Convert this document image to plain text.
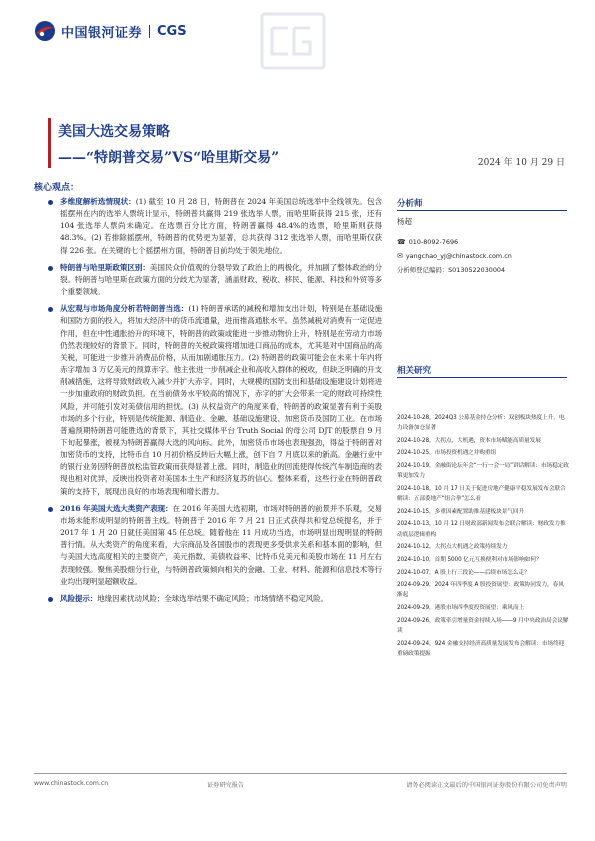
中国银河证券 CGS
美国大选交易策略
——“特朗普交易”VS“哈里斯交易”	2024 年 10 月 29 日
核心观点：
多维度解析选情现状：(1) 截至 10 月 28 日，特朗普在 2024 年美国总统选举中全线领先。包含摇摆州在内的选举人票统计显示，特朗普共赢得 219 张选举人票，而哈里斯获得 215 张，还有 104 张选举人票尚未确定。在选票百分比方面，特朗普赢得 48.4%的选票，哈里斯则获得 48.3%。(2) 若排除摇摆州，特朗普的优势更为显著，总共获得 312 张选举人票，而哈里斯仅获得 226 张。在关键的七个摇摆州方面，特朗普目前均处于领先地位。
特朗普与哈里斯政策区别：美国民众价值观的分裂导致了政治上的两极化，并加剧了整体政治的分裂。特朗普与哈里斯在政策方面的分歧尤为显著，涵盖财政、税收、移民、能源、科技和外贸等多个重要领域。
从宏观与市场角度分析若特朗普当选：(1) 特朗普承诺的减税和增加支出计划，特别是在基础设施和国防方面的投入，将加大经济中的货币流通量，进而推高通胀水平。虽然减税对消费有一定促进作用，但在中性通胀抬升的环境下，特朗普的政策或能进一步推动物价上升，特别是在劳动力市场仍然表现较好的背景下。同时，特朗普的关税政策将增加进口商品的成本，尤其是对中国商品的高关税，可能进一步推升消费品价格，从而加剧通胀压力。(2) 特朗普的政策可能会在未来十年内将赤字增加 3 万亿美元的预算赤字。他主张进一步削减企业和高收入群体的税收，但缺乏明确的开支削减措施，这将导致财政收入减少并扩大赤字。同时，大规模的国防支出和基础设施建设计划将进一步加重政府的财政负担。在当前债务水平较高的情况下，赤字的扩大会带来一定的财政可持续性风险，并可能引发对美债信用的担忧。(3) 从权益资产的角度来看，特朗普的政策显著有利于美股市场的多个行业，特别是传统能源、制造业、金融、基础设施建设、加密货币及国防工业。在市场普遍预期特朗普可能胜选的背景下，其社交媒体平台 Truth Social 的母公司 DJT 的股票自 9 月下旬起暴涨，被视为特朗普赢得大选的风向标。此外，加密货币市场也表现强劲，得益于特朗普对加密货币的支持，比特币自 10 月初价格反转后大幅上涨，创下自 7 月底以来的新高。金融行业中的银行业务因特朗普放松监管政策而获得显著上涨。同时，制造业的回流使得传统汽车制造商的表现也相对优异，反映出投资者对美国本土生产和经济复苏的信心。整体来看，这些行业在特朗普政策的支持下，展现出良好的市场表现和增长潜力。
2016 年美国大选大类资产表现：在 2016 年美国大选初期，市场对特朗普的前景并不乐观，交易市场未能形成明显的特朗普主线。特朗普于 2016 年 7 月 21 日正式获得共和党总统提名，并于 2017 年 1 月 20 日就任美国第 45 任总统。随着他在 11 月成功当选，市场明显出现明显的特朗普行情。从大类资产的角度来看，大宗商品及各国股市的表现更多受供求关系和基本面的影响，但与美国大选高度相关的主要资产，美元指数、美债收益率、比特币兑美元和美股市场在 11 月左右表现较强。聚焦美股细分行业，与特朗普政策倾向相关的金融、工业、材料、能源和信息技术等行业均出现明显超额收益。
风险提示：地缘因素扰动风险；全球选举结果不确定风险；市场情绪不稳定风险。
分析师
杨超
☎ 010-8092-7696
✉ yangchao_yj@chinastock.com.cn
分析师登记编码：S0130522030004
相关研究
2024-10-28，2024Q3 公募基金持仓分析：双创板块热度上升，电力设备加仓显著
2024-10-28，大拐点，大机遇，资本市场赋能高质量发展
2024-10-25，市场投资机遇之并购重组
2024-10-19，金融街论坛年会“一行一会一局”讲话解读：市场稳定政策更加发力
2024-10-18，10 月 17 日关于促进房地产健康平稳发展发布会联合解读：五部委地产“组合拳”怎么看
2024-10-15，多重因素配置助推基建板块景气回升
2024-10-13，10 月 12 日财政部新闻发布会联合解读：财政发力推动底层逻辑重构
2024-10-12，大拐点大机遇之政策持续发力
2024-10-10，首期 5000 亿元互换便利对市场影响如何？
2024-10-07，A 股上行三段论——后续市场怎么走？
2024-09-29，2024 年四季度 A 股投资展望：政策协同发力，春风渐起
2024-09-29，港股市场四季度投资展望：乘风而上
2024-09-26，政策牵引增量资金持续入场——9 月中央政治局会议解读
2024-09-24，924 金融支持经济高质量发展发布会解读：市场终迎重磅政策提振
www.chinastock.com.cn	证券研究报告	请务必阅读正文最后的中国银河证券股份有限公司免责声明
